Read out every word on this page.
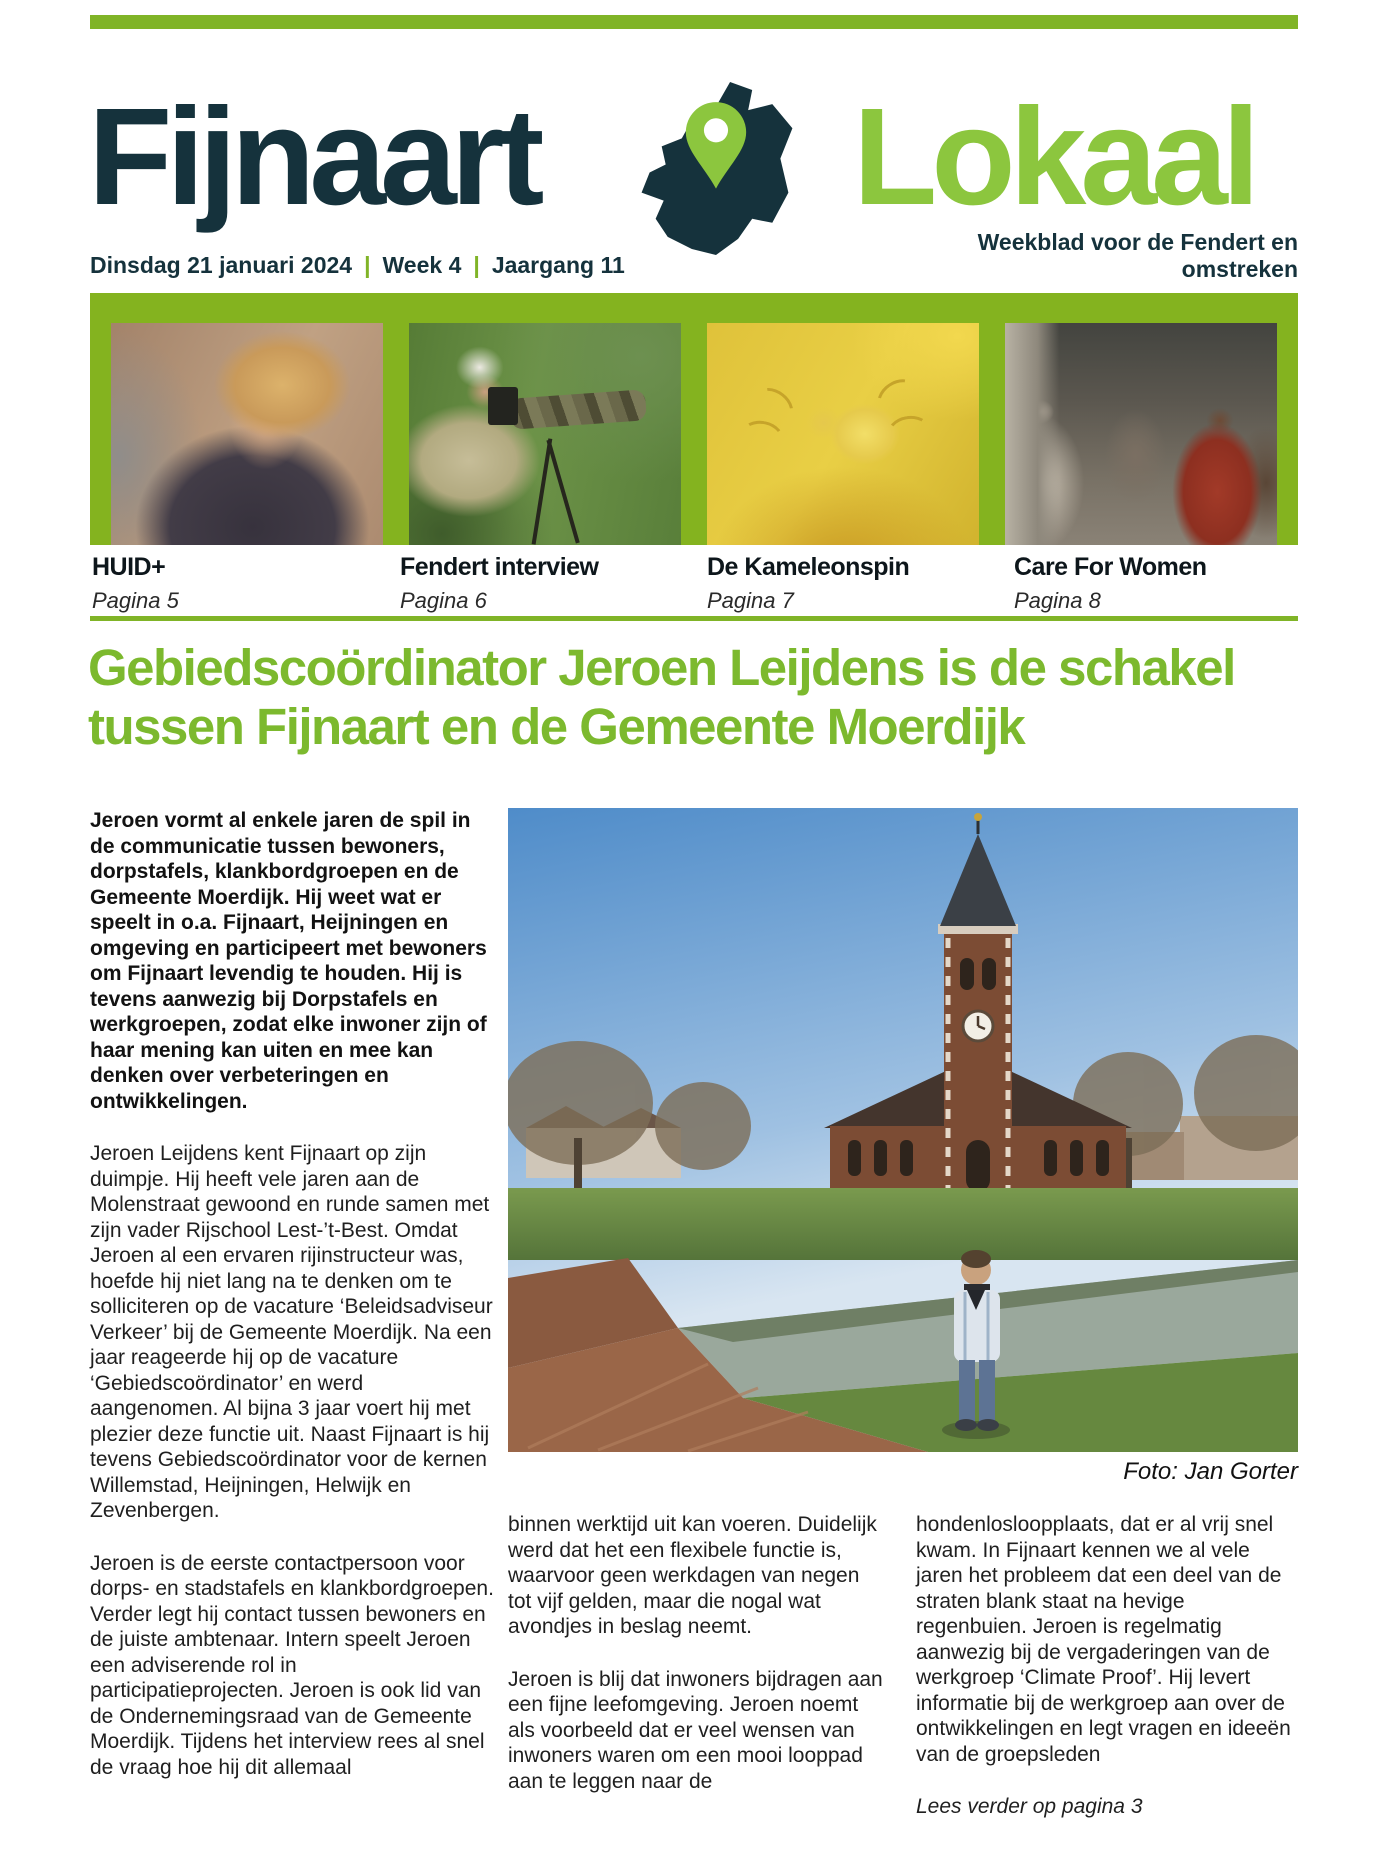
Fijnaart Lokaal
Weekblad voor de Fendert en omstreken
Dinsdag 21 januari 2024 | Week 4 | Jaargang 11
HUID+
Pagina 5
Fendert interview
Pagina 6
De Kameleonspin
Pagina 7
Care For Women
Pagina 8
Gebiedscoördinator Jeroen Leijdens is de schakel
tussen Fijnaart en de Gemeente Moerdijk

Jeroen vormt al enkele jaren de spil in de communicatie tussen bewoners, dorpstafels, klankbordgroepen en de Gemeente Moerdijk. Hij weet wat er speelt in o.a. Fijnaart, Heijningen en omgeving en participeert met bewoners om Fijnaart levendig te houden. Hij is tevens aanwezig bij Dorpstafels en werkgroepen, zodat elke inwoner zijn of haar mening kan uiten en mee kan denken over verbeteringen en ontwikkelingen.

Jeroen Leijdens kent Fijnaart op zijn duimpje. Hij heeft vele jaren aan de Molenstraat gewoond en runde samen met zijn vader Rijschool Lest-’t-Best. Omdat Jeroen al een ervaren rijinstructeur was, hoefde hij niet lang na te denken om te solliciteren op de vacature ‘Beleidsadviseur Verkeer’ bij de Gemeente Moerdijk. Na een jaar reageerde hij op de vacature ‘Gebiedscoördinator’ en werd aangenomen. Al bijna 3 jaar voert hij met plezier deze functie uit. Naast Fijnaart is hij tevens Gebiedscoördinator voor de kernen Willemstad, Heijningen, Helwijk en Zevenbergen.

Jeroen is de eerste contactpersoon voor dorps- en stadstafels en klankbordgroepen. Verder legt hij contact tussen bewoners en de juiste ambtenaar. Intern speelt Jeroen een adviserende rol in participatieprojecten. Jeroen is ook lid van de Ondernemingsraad van de Gemeente Moerdijk. Tijdens het interview rees al snel de vraag hoe hij dit allemaal

Foto: Jan Gorter

binnen werktijd uit kan voeren. Duidelijk werd dat het een flexibele functie is, waarvoor geen werkdagen van negen tot vijf gelden, maar die nogal wat avondjes in beslag neemt.

Jeroen is blij dat inwoners bijdragen aan een fijne leefomgeving. Jeroen noemt als voorbeeld dat er veel wensen van inwoners waren om een mooi looppad aan te leggen naar de

hondenlosloopplaats, dat er al vrij snel kwam. In Fijnaart kennen we al vele jaren het probleem dat een deel van de straten blank staat na hevige regenbuien. Jeroen is regelmatig aanwezig bij de vergaderingen van de werkgroep ‘Climate Proof’. Hij levert informatie bij de werkgroep aan over de ontwikkelingen en legt vragen en ideeën van de groepsleden

Lees verder op pagina 3
